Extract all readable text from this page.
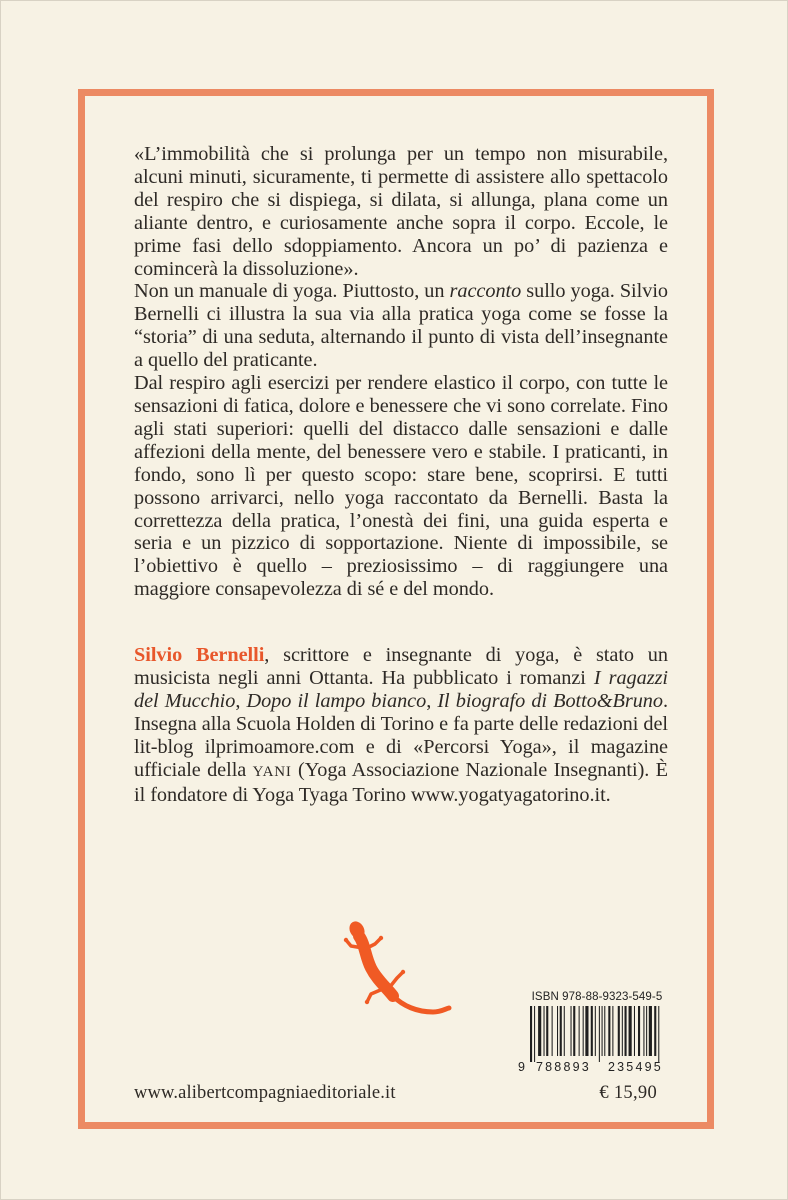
«L’immobilità che si prolunga per un tempo non misurabile, alcuni minuti, sicuramente, ti permette di assistere allo spettacolo del respiro che si dispiega, si dilata, si allunga, plana come un aliante dentro, e curiosamente anche sopra il corpo. Eccole, le prime fasi dello sdoppiamento. Ancora un po’ di pazienza e comincerà la dissoluzione».

Non un manuale di yoga. Piuttosto, un racconto sullo yoga. Silvio Bernelli ci illustra la sua via alla pratica yoga come se fosse la “storia” di una seduta, alternando il punto di vista dell’insegnante a quello del praticante.

Dal respiro agli esercizi per rendere elastico il corpo, con tutte le sensazioni di fatica, dolore e benessere che vi sono correlate. Fino agli stati superiori: quelli del distacco dalle sensazioni e dalle affezioni della mente, del benessere vero e stabile. I praticanti, in fondo, sono lì per questo scopo: stare bene, scoprirsi. E tutti possono arrivarci, nello yoga raccontato da Bernelli. Basta la correttezza della pratica, l’onestà dei fini, una guida esperta e seria e un pizzico di sopportazione. Niente di impossibile, se l’obiettivo è quello – preziosissimo – di raggiungere una maggiore consapevolezza di sé e del mondo.

Silvio Bernelli, scrittore e insegnante di yoga, è stato un musicista negli anni Ottanta. Ha pubblicato i romanzi I ragazzi del Mucchio, Dopo il lampo bianco, Il biografo di Botto&Bruno. Insegna alla Scuola Holden di Torino e fa parte delle redazioni del lit-blog ilprimoamore.com e di «Percorsi Yoga», il magazine ufficiale della YANI (Yoga Associazione Nazionale Insegnanti). È il fondatore di Yoga Tyaga Torino www.yogatyagatorino.it.

ISBN 978-88-9323-549-5
9 788893 235495
www.alibertcompagniaeditoriale.it	€ 15,90
